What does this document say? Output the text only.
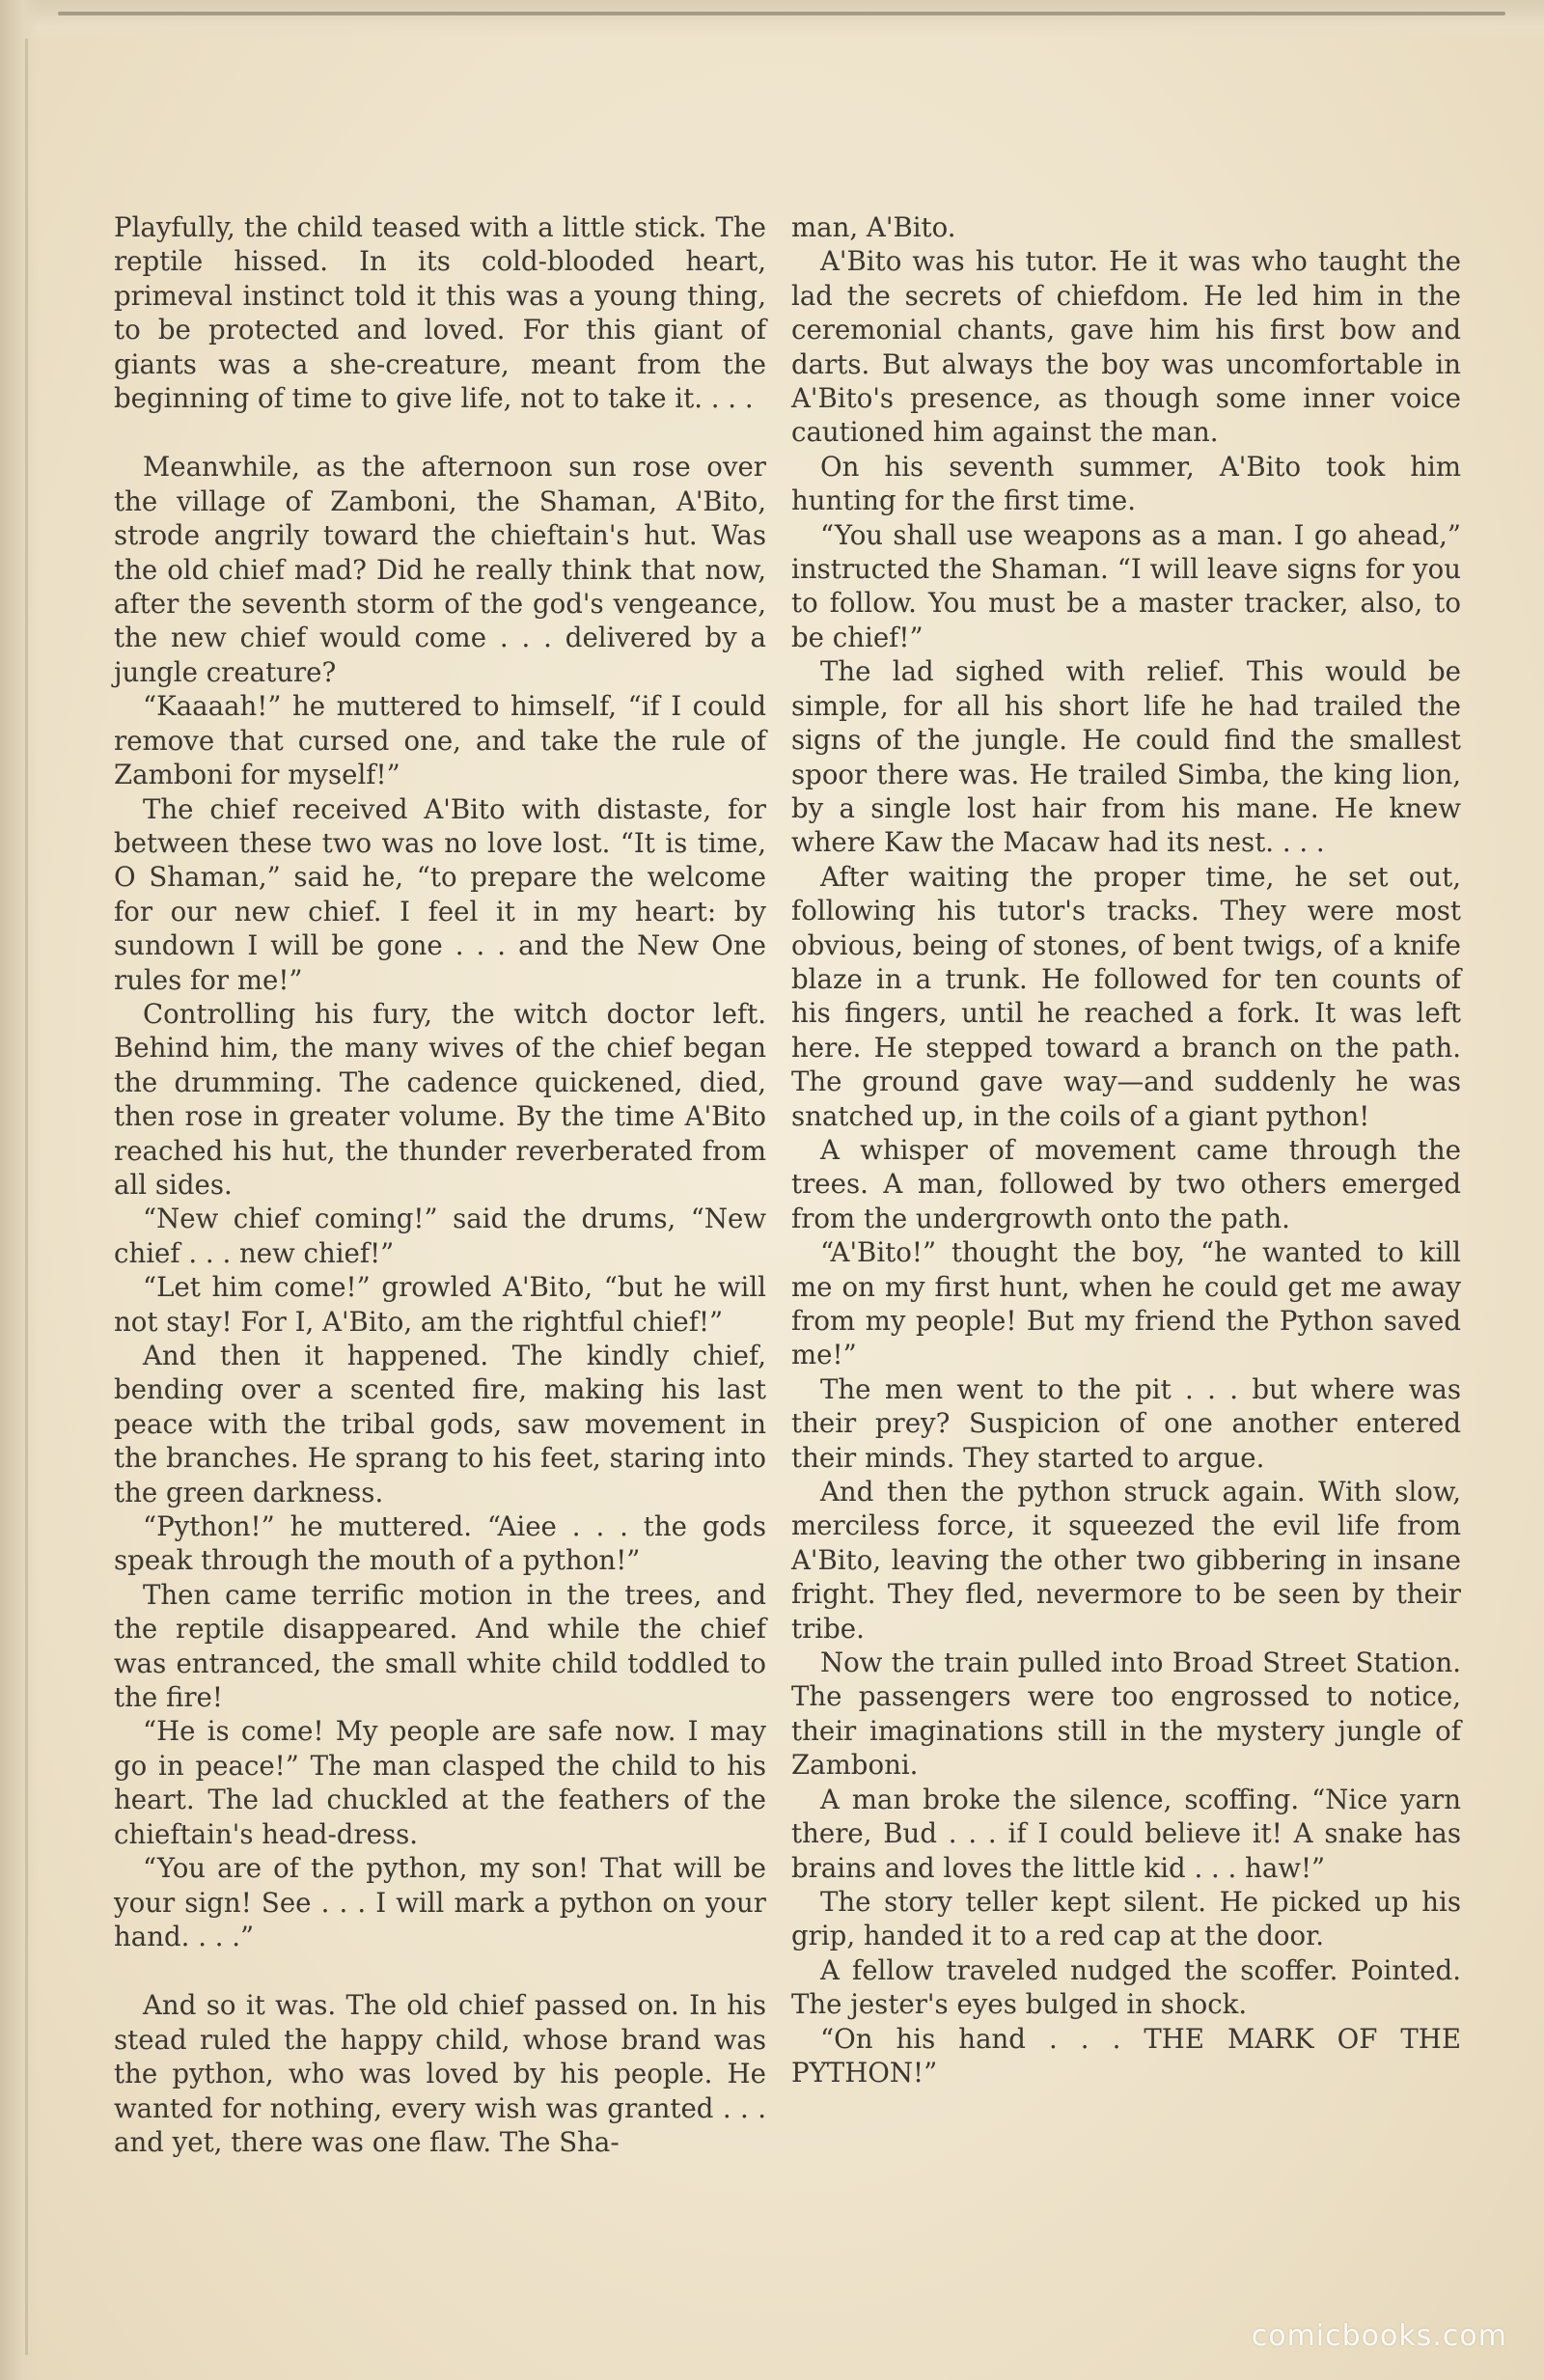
Playfully, the child teased with a little stick. The reptile hissed. In its cold-blooded heart, primeval instinct told it this was a young thing, to be protected and loved. For this giant of giants was a she-creature, meant from the beginning of time to give life, not to take it. . . .

Meanwhile, as the afternoon sun rose over the village of Zamboni, the Shaman, A'Bito, strode angrily toward the chieftain's hut. Was the old chief mad? Did he really think that now, after the seventh storm of the god's vengeance, the new chief would come . . . delivered by a jungle creature?

“Kaaaah!” he muttered to himself, “if I could remove that cursed one, and take the rule of Zamboni for myself!”

The chief received A'Bito with distaste, for between these two was no love lost. “It is time, O Shaman,” said he, “to prepare the welcome for our new chief. I feel it in my heart: by sundown I will be gone . . . and the New One rules for me!”

Controlling his fury, the witch doctor left. Behind him, the many wives of the chief began the drumming. The cadence quickened, died, then rose in greater volume. By the time A'Bito reached his hut, the thunder reverberated from all sides.

“New chief coming!” said the drums, “New chief . . . new chief!”

“Let him come!” growled A'Bito, “but he will not stay! For I, A'Bito, am the rightful chief!”

And then it happened. The kindly chief, bending over a scented fire, making his last peace with the tribal gods, saw movement in the branches. He sprang to his feet, staring into the green darkness.

“Python!” he muttered. “Aiee . . . the gods speak through the mouth of a python!”

Then came terrific motion in the trees, and the reptile disappeared. And while the chief was entranced, the small white child toddled to the fire!

“He is come! My people are safe now. I may go in peace!” The man clasped the child to his heart. The lad chuckled at the feathers of the chieftain's head-dress.

“You are of the python, my son! That will be your sign! See . . . I will mark a python on your hand. . . .”

And so it was. The old chief passed on. In his stead ruled the happy child, whose brand was the python, who was loved by his people. He wanted for nothing, every wish was granted . . . and yet, there was one flaw. The Sha-

man, A'Bito.

A'Bito was his tutor. He it was who taught the lad the secrets of chiefdom. He led him in the ceremonial chants, gave him his first bow and darts. But always the boy was uncomfortable in A'Bito's presence, as though some inner voice cautioned him against the man.

On his seventh summer, A'Bito took him hunting for the first time.

“You shall use weapons as a man. I go ahead,” instructed the Shaman. “I will leave signs for you to follow. You must be a master tracker, also, to be chief!”

The lad sighed with relief. This would be simple, for all his short life he had trailed the signs of the jungle. He could find the smallest spoor there was. He trailed Simba, the king lion, by a single lost hair from his mane. He knew where Kaw the Macaw had its nest. . . .

After waiting the proper time, he set out, following his tutor's tracks. They were most obvious, being of stones, of bent twigs, of a knife blaze in a trunk. He followed for ten counts of his fingers, until he reached a fork. It was left here. He stepped toward a branch on the path. The ground gave way—and suddenly he was snatched up, in the coils of a giant python!

A whisper of movement came through the trees. A man, followed by two others emerged from the undergrowth onto the path.

“A'Bito!” thought the boy, “he wanted to kill me on my first hunt, when he could get me away from my people! But my friend the Python saved me!”

The men went to the pit . . . but where was their prey? Suspicion of one another entered their minds. They started to argue.

And then the python struck again. With slow, merciless force, it squeezed the evil life from A'Bito, leaving the other two gibbering in insane fright. They fled, nevermore to be seen by their tribe.

Now the train pulled into Broad Street Station. The passengers were too engrossed to notice, their imaginations still in the mystery jungle of Zamboni.

A man broke the silence, scoffing. “Nice yarn there, Bud . . . if I could believe it! A snake has brains and loves the little kid . . . haw!”

The story teller kept silent. He picked up his grip, handed it to a red cap at the door.

A fellow traveled nudged the scoffer. Pointed. The jester's eyes bulged in shock.

“On his hand . . . THE MARK OF THE PYTHON!”

comicbooks.com
